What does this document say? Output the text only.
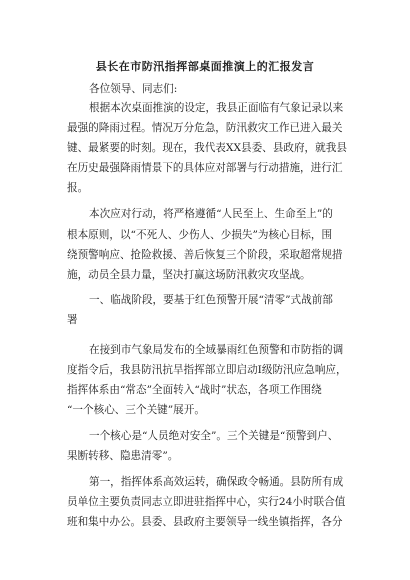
县长在市防汛指挥部桌面推演上的汇报发言
各位领导、同志们:
根据本次桌面推演的设定，我县正面临有气象记录以来
最强的降雨过程。情况万分危急，防汛救灾工作已进入最关
键、最紧要的时刻。现在，我代表XX县委、县政府，就我县
在历史最强降雨情景下的具体应对部署与行动措施，进行汇
报。
本次应对行动，将严格遵循“人民至上、生命至上”的
根本原则，以“不死人、少伤人、少损失”为核心目标，围
绕预警响应、抢险救援、善后恢复三个阶段，采取超常规措
施，动员全县力量，坚决打赢这场防汛救灾攻坚战。
一、临战阶段，要基于红色预警开展“清零”式战前部
署
在接到市气象局发布的全域暴雨红色预警和市防指的调
度指令后，我县防汛抗旱指挥部立即启动Ⅰ级防汛应急响应，
指挥体系由“常态”全面转入“战时”状态，各项工作围绕
“一个核心、三个关键”展开。
一个核心是“人员绝对安全”。三个关键是“预警到户、
果断转移、隐患清零”。
第一，指挥体系高效运转，确保政令畅通。县防所有成
员单位主要负责同志立即进驻指挥中心，实行24小时联合值
班和集中办公。县委、县政府主要领导一线坐镇指挥，各分
